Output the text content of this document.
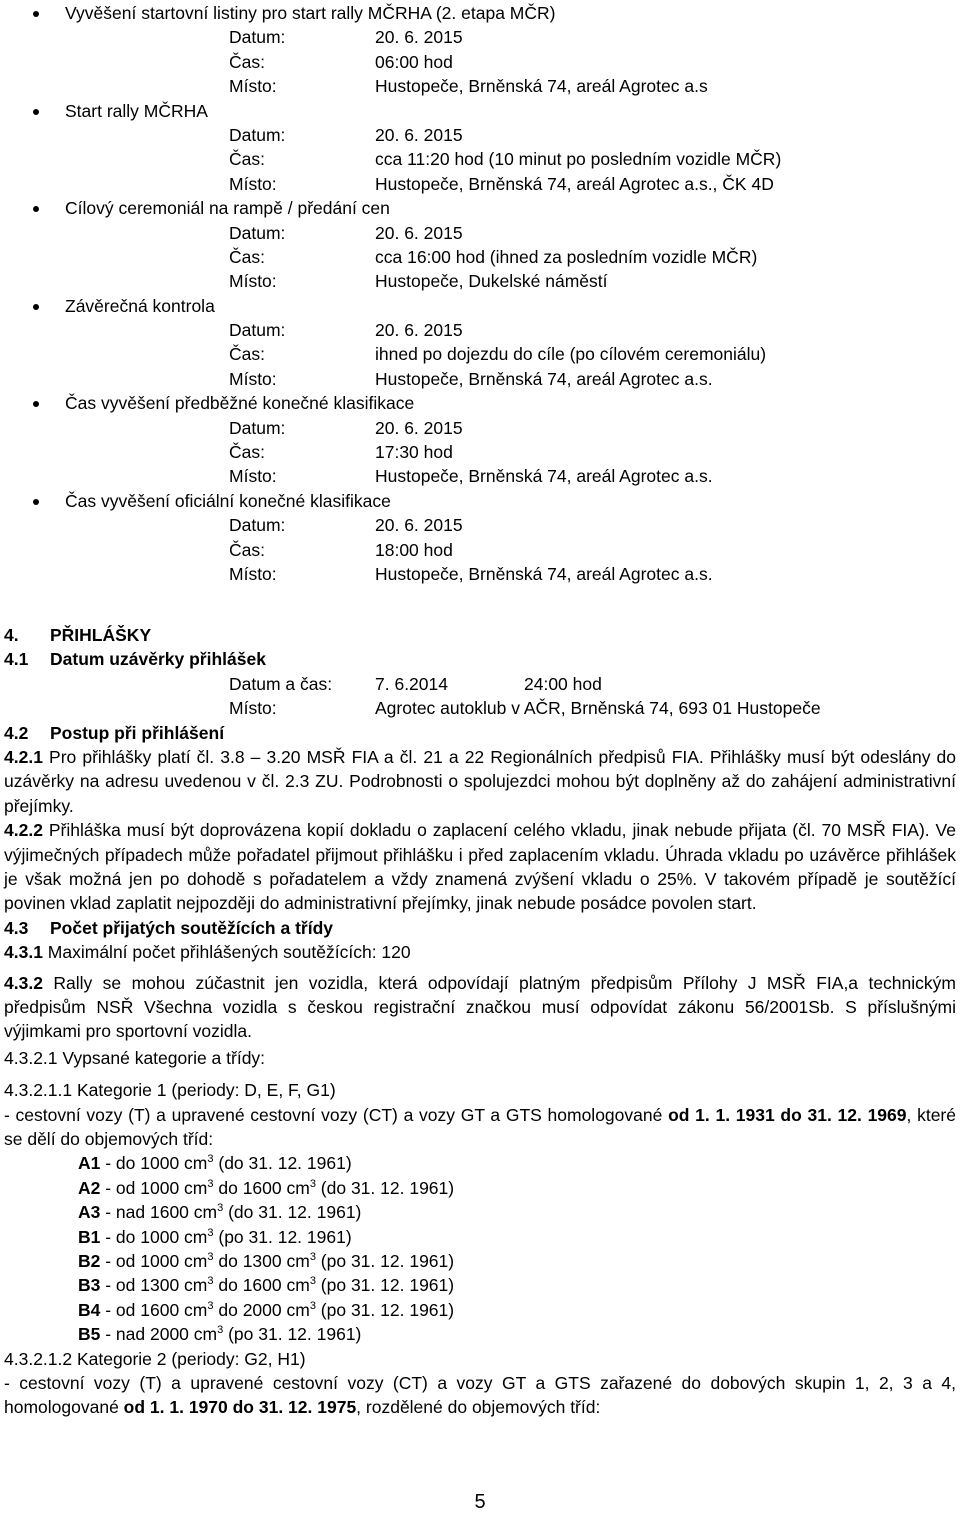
Vyvěšení startovní listiny pro start rally MČRHA (2. etapa MČR)
Datum:	20. 6. 2015
Čas:	06:00 hod
Místo:	Hustopeče, Brněnská 74, areál Agrotec a.s
Start rally MČRHA
Datum:	20. 6. 2015
Čas:	cca 11:20 hod (10 minut po posledním vozidle MČR)
Místo:	Hustopeče, Brněnská 74, areál Agrotec a.s., ČK 4D
Cílový ceremoniál na rampě / předání cen
Datum:	20. 6. 2015
Čas:	cca 16:00 hod (ihned za posledním vozidle MČR)
Místo:	Hustopeče, Dukelské náměstí
Závěrečná kontrola
Datum:	20. 6. 2015
Čas:	ihned po dojezdu do cíle (po cílovém ceremoniálu)
Místo:	Hustopeče, Brněnská 74, areál Agrotec a.s.
Čas vyvěšení předběžné konečné klasifikace
Datum:	20. 6. 2015
Čas:	17:30 hod
Místo:	Hustopeče, Brněnská 74, areál Agrotec a.s.
Čas vyvěšení oficiální konečné klasifikace
Datum:	20. 6. 2015
Čas:	18:00 hod
Místo:	Hustopeče, Brněnská 74, areál Agrotec a.s.
4. PŘIHLÁŠKY
4.1 Datum uzávěrky přihlášek
Datum a čas: 7. 6.2014	24:00 hod
Místo:	Agrotec autoklub v AČR, Brněnská 74, 693 01 Hustopeče
4.2 Postup při přihlášení
4.2.1 Pro přihlášky platí čl. 3.8 – 3.20 MSŘ FIA a čl. 21 a 22 Regionálních předpisů FIA. Přihlášky musí být odeslány do uzávěrky na adresu uvedenou v čl. 2.3 ZU. Podrobnosti o spolujezdci mohou být doplněny až do zahájení administrativní přejímky.
4.2.2 Přihláška musí být doprovázena kopií dokladu o zaplacení celého vkladu, jinak nebude přijata (čl. 70 MSŘ FIA). Ve výjimečných případech může pořadatel přijmout přihlášku i před zaplacením vkladu. Úhrada vkladu po uzávěrce přihlášek je však možná jen po dohodě s pořadatelem a vždy znamená zvýšení vkladu o 25%. V takovém případě je soutěžící povinen vklad zaplatit nejpozději do administrativní přejímky, jinak nebude posádce povolen start.
4.3 Počet přijatých soutěžících a třídy
4.3.1 Maximální počet přihlášených soutěžících: 120
4.3.2 Rally se mohou zúčastnit jen vozidla, která odpovídají platným předpisům Přílohy J MSŘ FIA,a technickým předpisům NSŘ Všechna vozidla s českou registrační značkou musí odpovídat zákonu 56/2001Sb. S příslušnými výjimkami pro sportovní vozidla.
4.3.2.1 Vypsané kategorie a třídy:
4.3.2.1.1 Kategorie 1 (periody: D, E, F, G1)
- cestovní vozy (T) a upravené cestovní vozy (CT) a vozy GT a GTS homologované od 1. 1. 1931 do 31. 12. 1969, které se dělí do objemových tříd:
A1 - do 1000 $cm^3$ (do 31. 12. 1961)
A2 - od 1000 $cm^3$ do 1600 $cm^3$ (do 31. 12. 1961)
A3 - nad 1600 $cm^3$ (do 31. 12. 1961)
B1 - do 1000 $cm^3$ (po 31. 12. 1961)
B2 - od 1000 $cm^3$ do 1300 $cm^3$ (po 31. 12. 1961)
B3 - od 1300 $cm^3$ do 1600 $cm^3$ (po 31. 12. 1961)
B4 - od 1600 $cm^3$ do 2000 $cm^3$ (po 31. 12. 1961)
B5 - nad 2000 $cm^3$ (po 31. 12. 1961)
4.3.2.1.2 Kategorie 2 (periody: G2, H1)
- cestovní vozy (T) a upravené cestovní vozy (CT) a vozy GT a GTS zařazené do dobových skupin 1, 2, 3 a 4, homologované od 1. 1. 1970 do 31. 12. 1975, rozdělené do objemových tříd:
5
